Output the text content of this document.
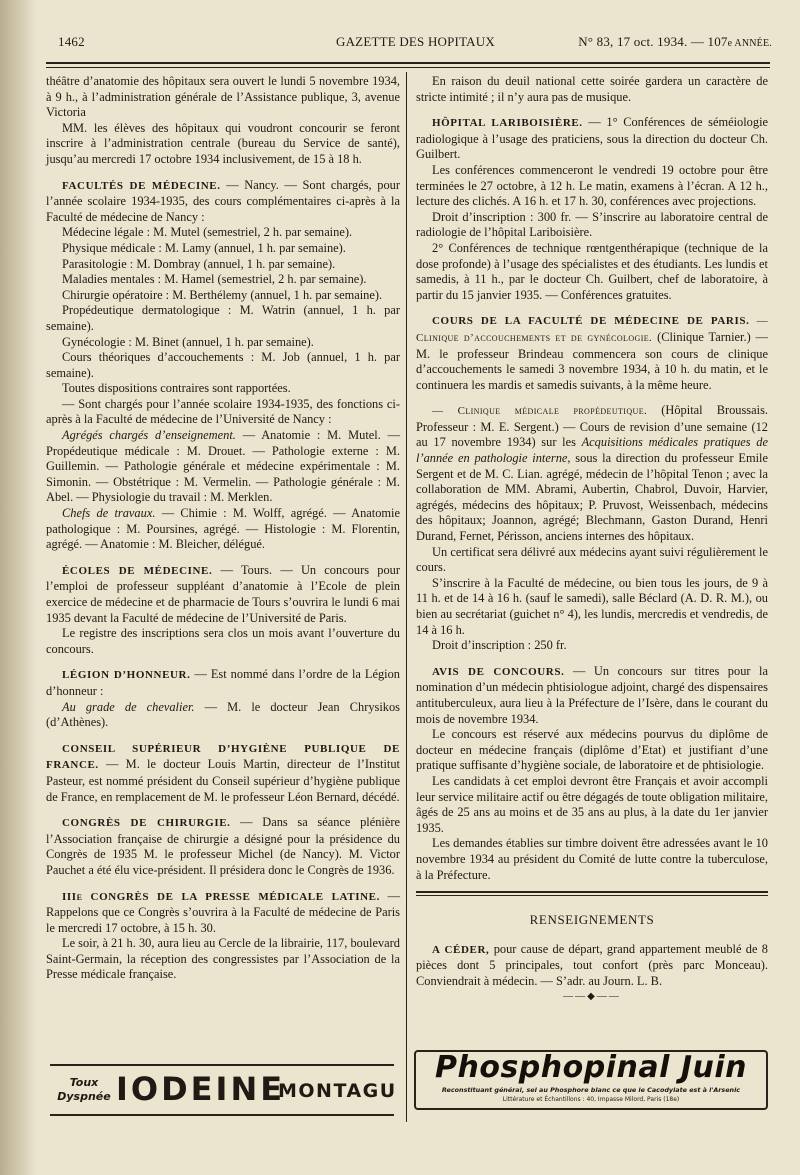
1462	GAZETTE DES HOPITAUX	N° 83, 17 oct. 1934. — 107e ANNÉE.

théâtre d’anatomie des hôpitaux sera ouvert le lundi 5 novembre 1934, à 9 h., à l’administration générale de l’Assistance publique, 3, avenue Victoria

MM. les élèves des hôpitaux qui voudront concourir se feront inscrire à l’administration centrale (bureau du Service de santé), jusqu’au mercredi 17 octobre 1934 inclusivement, de 15 à 18 h.

FACULTÉS DE MÉDECINE. — Nancy. — Sont chargés, pour l’année scolaire 1934-1935, des cours complémentaires ci-après à la Faculté de médecine de Nancy :

Médecine légale : M. Mutel (semestriel, 2 h. par semaine).

Physique médicale : M. Lamy (annuel, 1 h. par semaine).

Parasitologie : M. Dombray (annuel, 1 h. par semaine).

Maladies mentales : M. Hamel (semestriel, 2 h. par semaine).

Chirurgie opératoire : M. Berthélemy (annuel, 1 h. par semaine).

Propédeutique dermatologique : M. Watrin (annuel, 1 h. par semaine).

Gynécologie : M. Binet (annuel, 1 h. par semaine).

Cours théoriques d’accouchements : M. Job (annuel, 1 h. par semaine).

Toutes dispositions contraires sont rapportées.

— Sont chargés pour l’année scolaire 1934-1935, des fonctions ci-après à la Faculté de médecine de l’Université de Nancy :

Agrégés chargés d’enseignement. — Anatomie : M. Mutel. — Propédeutique médicale : M. Drouet. — Pathologie externe : M. Guillemin. — Pathologie générale et médecine expérimentale : M. Simonin. — Obstétrique : M. Vermelin. — Pathologie générale : M. Abel. — Physiologie du travail : M. Merklen.

Chefs de travaux. — Chimie : M. Wolff, agrégé. — Anatomie pathologique : M. Poursines, agrégé. — Histologie : M. Florentin, agrégé. — Anatomie : M. Bleicher, délégué.

ÉCOLES DE MÉDECINE. — Tours. — Un concours pour l’emploi de professeur suppléant d’anatomie à l’Ecole de plein exercice de médecine et de pharmacie de Tours s’ouvrira le lundi 6 mai 1935 devant la Faculté de médecine de l’Université de Paris.

Le registre des inscriptions sera clos un mois avant l’ouverture du concours.

LÉGION D’HONNEUR. — Est nommé dans l’ordre de la Légion d’honneur :

Au grade de chevalier. — M. le docteur Jean Chrysikos (d’Athènes).

CONSEIL SUPÉRIEUR D’HYGIÈNE PUBLIQUE DE FRANCE. — M. le docteur Louis Martin, directeur de l’Institut Pasteur, est nommé président du Conseil supérieur d’hygiène publique de France, en remplacement de M. le professeur Léon Bernard, décédé.

CONGRÈS DE CHIRURGIE. — Dans sa séance plénière l’Association française de chirurgie a désigné pour la présidence du Congrès de 1935 M. le professeur Michel (de Nancy). M. Victor Pauchet a été élu vice-président. Il présidera donc le Congrès de 1936.

IIIe CONGRÈS DE LA PRESSE MÉDICALE LATINE. — Rappelons que ce Congrès s’ouvrira à la Faculté de médecine de Paris le mercredi 17 octobre, à 15 h. 30.

Le soir, à 21 h. 30, aura lieu au Cercle de la librairie, 117, boulevard Saint-Germain, la réception des congressistes par l’Association de la Presse médicale française.

En raison du deuil national cette soirée gardera un caractère de stricte intimité ; il n’y aura pas de musique.

HÔPITAL LARIBOISIÈRE. — 1° Conférences de séméiologie radiologique à l’usage des praticiens, sous la direction du docteur Ch. Guilbert.

Les conférences commenceront le vendredi 19 octobre pour être terminées le 27 octobre, à 12 h. Le matin, examens à l’écran. A 12 h., lecture des clichés. A 16 h. et 17 h. 30, conférences avec projections.

Droit d’inscription : 300 fr. — S’inscrire au laboratoire central de radiologie de l’hôpital Lariboisière.

2° Conférences de technique rœntgenthérapique (technique de la dose profonde) à l’usage des spécialistes et des étudiants. Les lundis et samedis, à 11 h., par le docteur Ch. Guilbert, chef de laboratoire, à partir du 15 janvier 1935. — Conférences gratuites.

COURS DE LA FACULTÉ DE MÉDECINE DE PARIS. — Clinique d’accouchements et de gynécologie. (Clinique Tarnier.) — M. le professeur Brindeau commencera son cours de clinique d’accouchements le samedi 3 novembre 1934, à 10 h. du matin, et le continuera les mardis et samedis suivants, à la même heure.

— Clinique médicale propédeutique. (Hôpital Broussais. Professeur : M. E. Sergent.) — Cours de revision d’une semaine (12 au 17 novembre 1934) sur les Acquisitions médicales pratiques de l’année en pathologie interne, sous la direction du professeur Emile Sergent et de M. C. Lian. agrégé, médecin de l’hôpital Tenon ; avec la collaboration de MM. Abrami, Aubertin, Chabrol, Duvoir, Harvier, agrégés, médecins des hôpitaux; P. Pruvost, Weissenbach, médecins des hôpitaux; Joannon, agrégé; Blechmann, Gaston Durand, Henri Durand, Fernet, Périsson, anciens internes des hôpitaux.

Un certificat sera délivré aux médecins ayant suivi régulièrement le cours.

S’inscrire à la Faculté de médecine, ou bien tous les jours, de 9 à 11 h. et de 14 à 16 h. (sauf le samedi), salle Béclard (A. D. R. M.), ou bien au secrétariat (guichet n° 4), les lundis, mercredis et vendredis, de 14 à 16 h.

Droit d’inscription : 250 fr.

AVIS DE CONCOURS. — Un concours sur titres pour la nomination d’un médecin phtisiologue adjoint, chargé des dispensaires antituberculeux, aura lieu à la Préfecture de l’Isère, dans le courant du mois de novembre 1934.

Le concours est réservé aux médecins pourvus du diplôme de docteur en médecine français (diplôme d’Etat) et justifiant d’une pratique suffisante d’hygiène sociale, de laboratoire et de phtisiologie.

Les candidats à cet emploi devront être Français et avoir accompli leur service militaire actif ou être dégagés de toute obligation militaire, âgés de 25 ans au moins et de 35 ans au plus, à la date du 1er janvier 1935.

Les demandes établies sur timbre doivent être adressées avant le 10 novembre 1934 au président du Comité de lutte contre la tuberculose, à la Préfecture.

RENSEIGNEMENTS

A CÉDER, pour cause de départ, grand appartement meublé de 8 pièces dont 5 principales, tout confort (près parc Monceau). Conviendrait à médecin. — S’adr. au Journ. L. B.

——◆——

Toux
Dyspnée IODEINE
MONTAGU
Phosphopinal Juin
Reconstituant général, sel au Phosphore blanc ce que le Cacodylate est à l'Arsenic
Littérature et Échantillons : 40, Impasse Milord, Paris (18e)
